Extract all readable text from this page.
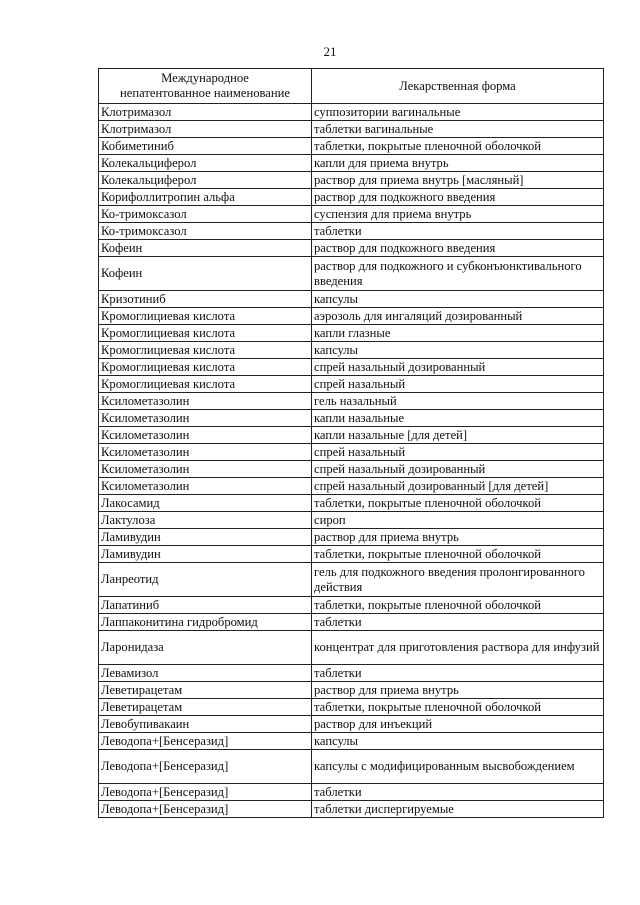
21
Международное
непатентованное наименование	Лекарственная форма
Клотримазол	суппозитории вагинальные
Клотримазол	таблетки вагинальные
Кобиметиниб	таблетки, покрытые пленочной оболочкой
Колекальциферол	капли для приема внутрь
Колекальциферол	раствор для приема внутрь [масляный]
Корифоллитропин альфа	раствор для подкожного введения
Ко-тримоксазол	суспензия для приема внутрь
Ко-тримоксазол	таблетки
Кофеин	раствор для подкожного введения
Кофеин	раствор для подкожного и субконъюнктивального введения
Кризотиниб	капсулы
Кромоглициевая кислота	аэрозоль для ингаляций дозированный
Кромоглициевая кислота	капли глазные
Кромоглициевая кислота	капсулы
Кромоглициевая кислота	спрей назальный дозированный
Кромоглициевая кислота	спрей назальный
Ксилометазолин	гель назальный
Ксилометазолин	капли назальные
Ксилометазолин	капли назальные [для детей]
Ксилометазолин	спрей назальный
Ксилометазолин	спрей назальный дозированный
Ксилометазолин	спрей назальный дозированный [для детей]
Лакосамид	таблетки, покрытые пленочной оболочкой
Лактулоза	сироп
Ламивудин	раствор для приема внутрь
Ламивудин	таблетки, покрытые пленочной оболочкой
Ланреотид	гель для подкожного введения пролонгированного действия
Лапатиниб	таблетки, покрытые пленочной оболочкой
Лаппаконитина гидробромид	таблетки
Ларонидаза	концентрат для приготовления раствора для инфузий
Левамизол	таблетки
Леветирацетам	раствор для приема внутрь
Леветирацетам	таблетки, покрытые пленочной оболочкой
Левобупивакаин	раствор для инъекций
Леводопа+[Бенсеразид]	капсулы
Леводопа+[Бенсеразид]	капсулы с модифицированным высвобождением
Леводопа+[Бенсеразид]	таблетки
Леводопа+[Бенсеразид]	таблетки диспергируемые
